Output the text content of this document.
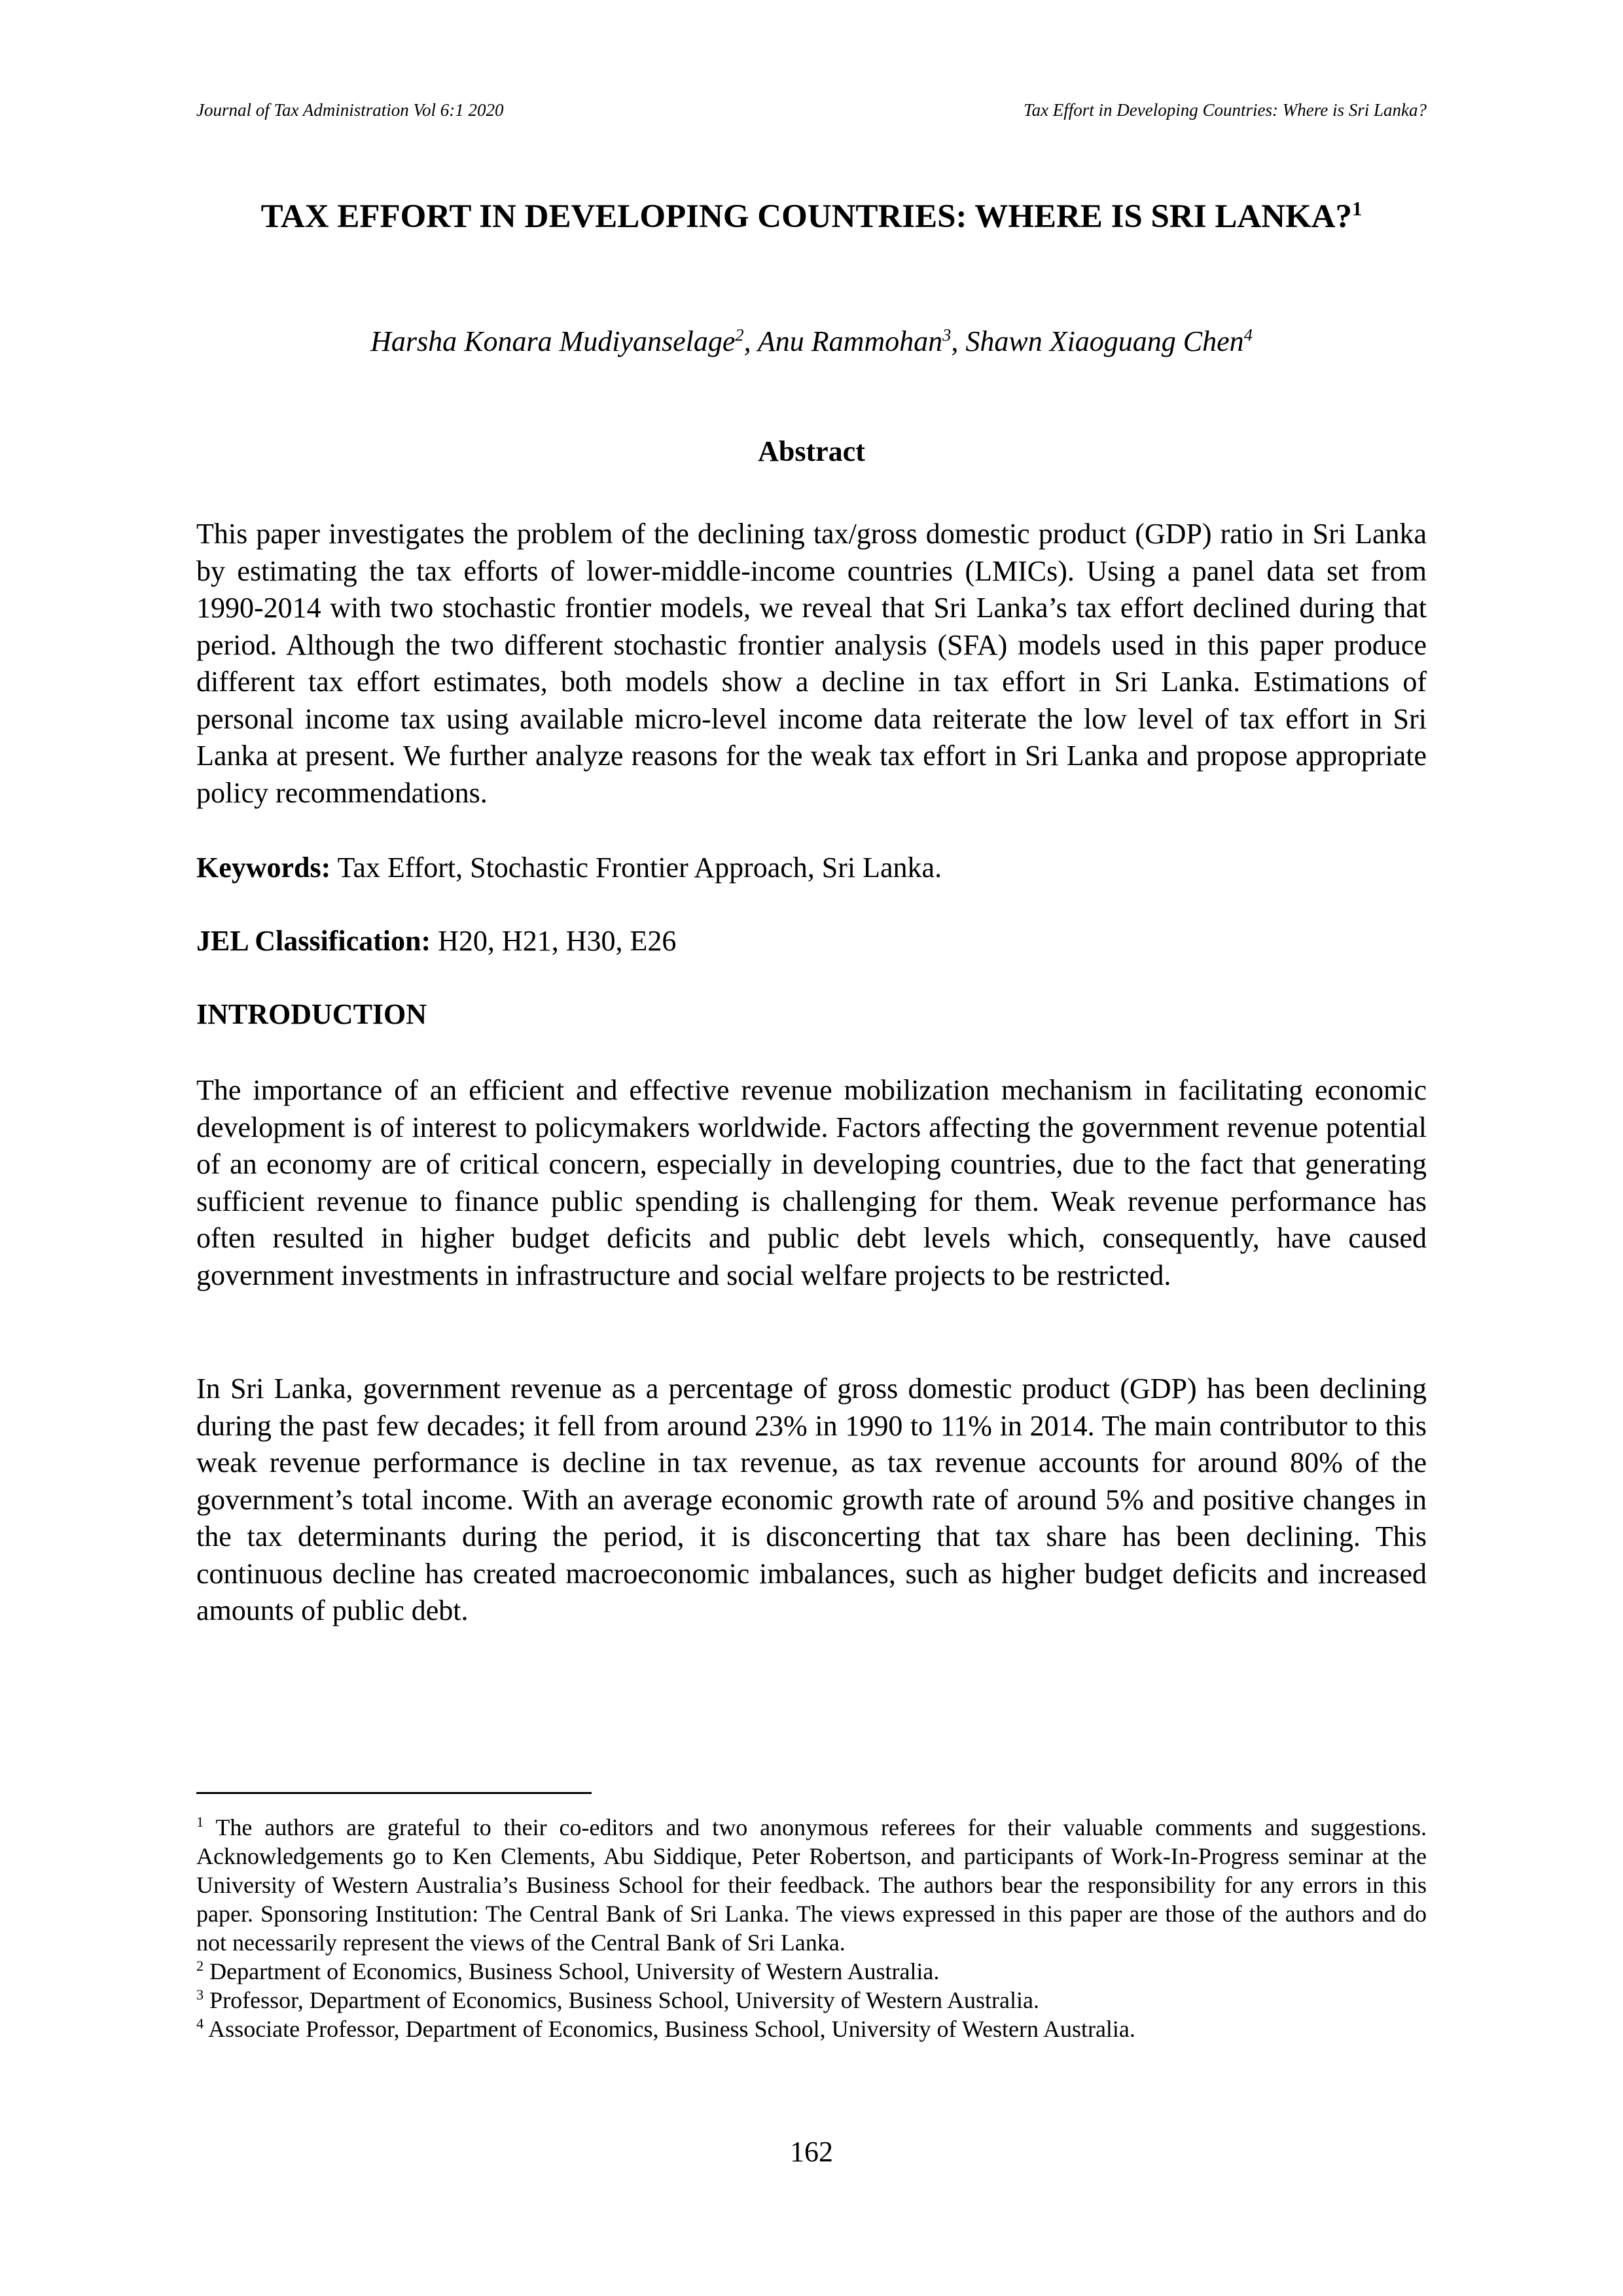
Journal of Tax Administration Vol 6:1 2020	Tax Effort in Developing Countries: Where is Sri Lanka?
TAX EFFORT IN DEVELOPING COUNTRIES: WHERE IS SRI LANKA?$^1$
Harsha Konara Mudiyanselage$^2$, Anu Rammohan$^3$, Shawn Xiaoguang Chen$^4$
Abstract
This paper investigates the problem of the declining tax/gross domestic product (GDP) ratio in Sri Lanka by estimating the tax efforts of lower-middle-income countries (LMICs). Using a panel data set from 1990-2014 with two stochastic frontier models, we reveal that Sri Lanka’s tax effort declined during that period. Although the two different stochastic frontier analysis (SFA) models used in this paper produce different tax effort estimates, both models show a decline in tax effort in Sri Lanka. Estimations of personal income tax using available micro-level income data reiterate the low level of tax effort in Sri Lanka at present. We further analyze reasons for the weak tax effort in Sri Lanka and propose appropriate policy recommendations.
Keywords: Tax Effort, Stochastic Frontier Approach, Sri Lanka.
JEL Classification: H20, H21, H30, E26
INTRODUCTION
The importance of an efficient and effective revenue mobilization mechanism in facilitating economic development is of interest to policymakers worldwide. Factors affecting the government revenue potential of an economy are of critical concern, especially in developing countries, due to the fact that generating sufficient revenue to finance public spending is challenging for them. Weak revenue performance has often resulted in higher budget deficits and public debt levels which, consequently, have caused government investments in infrastructure and social welfare projects to be restricted.
In Sri Lanka, government revenue as a percentage of gross domestic product (GDP) has been declining during the past few decades; it fell from around 23% in 1990 to 11% in 2014. The main contributor to this weak revenue performance is decline in tax revenue, as tax revenue accounts for around 80% of the government’s total income. With an average economic growth rate of around 5% and positive changes in the tax determinants during the period, it is disconcerting that tax share has been declining. This continuous decline has created macroeconomic imbalances, such as higher budget deficits and increased amounts of public debt.

$^1$ The authors are grateful to their co-editors and two anonymous referees for their valuable comments and suggestions. Acknowledgements go to Ken Clements, Abu Siddique, Peter Robertson, and participants of Work-In-Progress seminar at the University of Western Australia’s Business School for their feedback. The authors bear the responsibility for any errors in this paper. Sponsoring Institution: The Central Bank of Sri Lanka. The views expressed in this paper are those of the authors and do not necessarily represent the views of the Central Bank of Sri Lanka.

$^2$ Department of Economics, Business School, University of Western Australia.

$^3$ Professor, Department of Economics, Business School, University of Western Australia.

$^4$ Associate Professor, Department of Economics, Business School, University of Western Australia.

162
